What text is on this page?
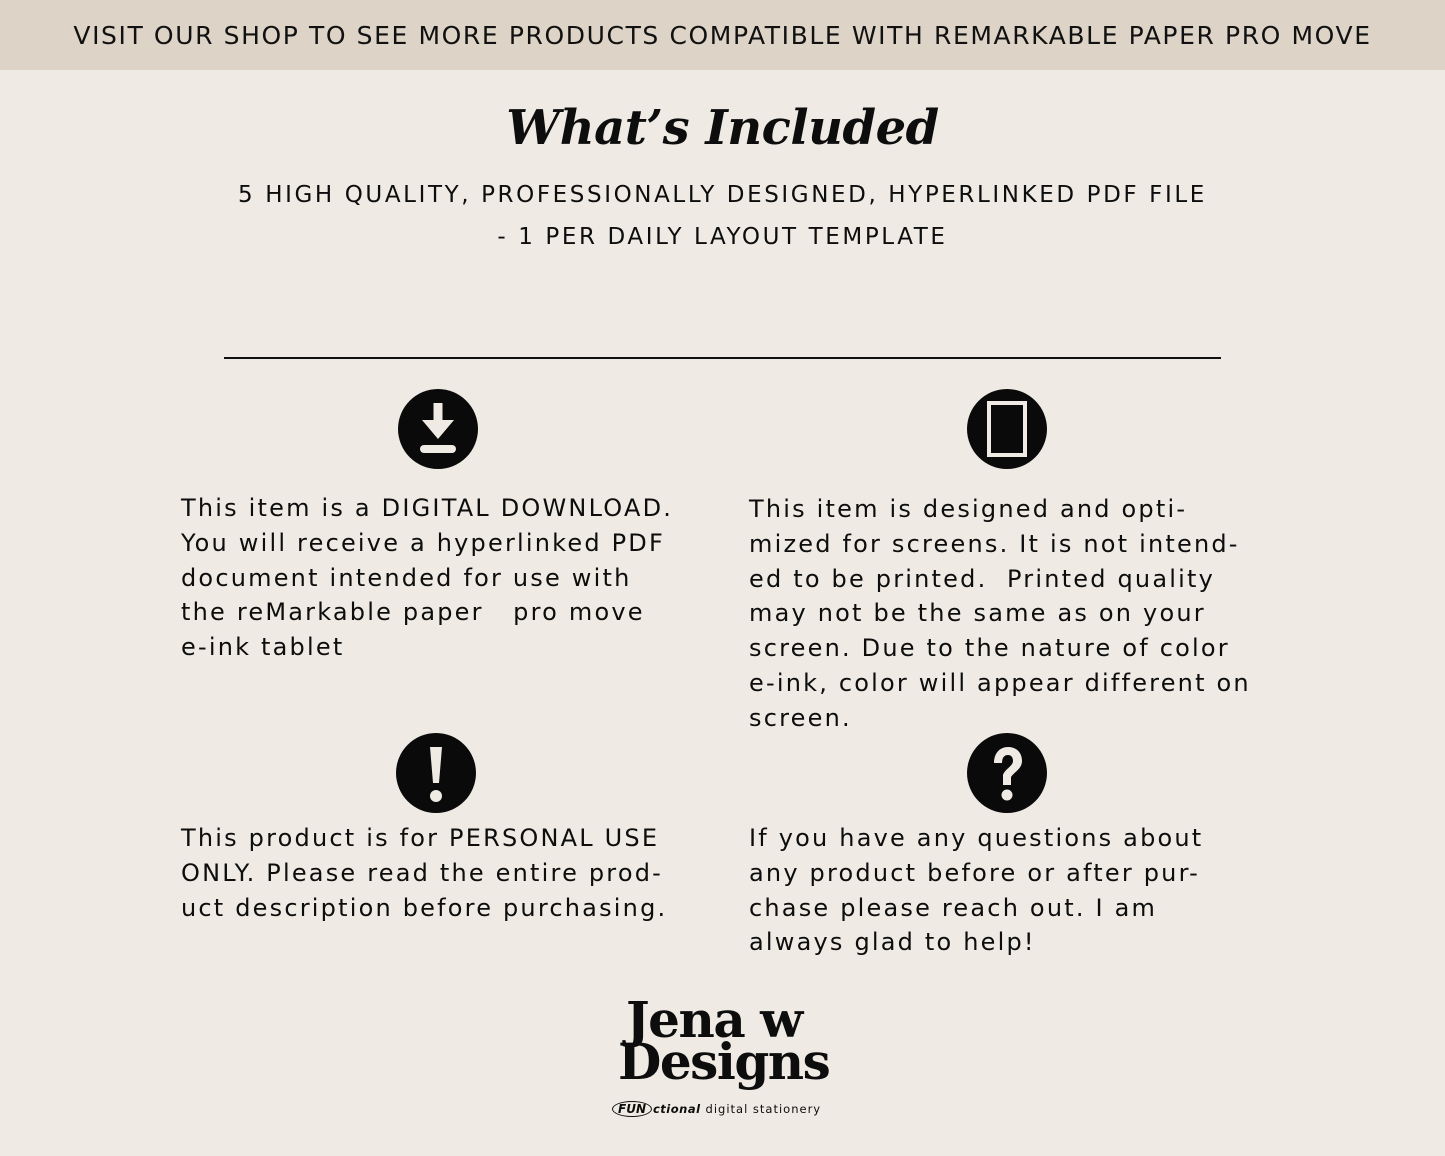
VISIT OUR SHOP TO SEE MORE PRODUCTS COMPATIBLE WITH REMARKABLE PAPER PRO MOVE
What’s Included
5 HIGH QUALITY, PROFESSIONALLY DESIGNED, HYPERLINKED PDF FILE
- 1 PER DAILY LAYOUT TEMPLATE
This item is a DIGITAL DOWNLOAD.
You will receive a hyperlinked PDF
document intended for use with
the reMarkable paper   pro move
e-ink tablet
This item is designed and opti-
mized for screens. It is not intend-
ed to be printed.  Printed quality
may not be the same as on your
screen. Due to the nature of color
e-ink, color will appear different on
screen.
This product is for PERSONAL USE
ONLY. Please read the entire prod-
uct description before purchasing.
If you have any questions about
any product before or after pur-
chase please reach out. I am
always glad to help!
Jena w
Designs
FUN ctional digital stationery
